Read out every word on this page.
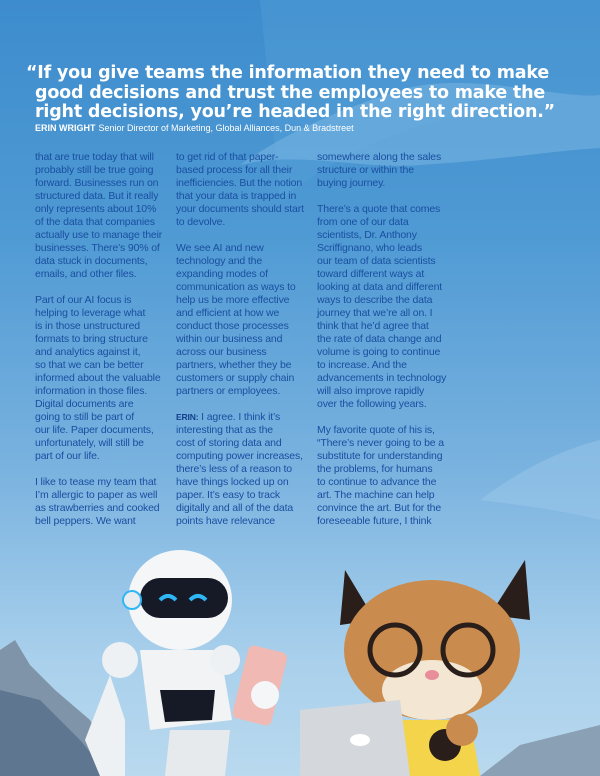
“If you give teams the information they need to make
good decisions and trust the employees to make the
right decisions, you’re headed in the right direction.”
ERIN WRIGHT Senior Director of Marketing, Global Alliances, Dun & Bradstreet
that are true today that will
probably still be true going
forward. Businesses run on
structured data. But it really
only represents about 10%
of the data that companies
actually use to manage their
businesses. There’s 90% of
data stuck in documents,
emails, and other files.
Part of our AI focus is
helping to leverage what
is in those unstructured
formats to bring structure
and analytics against it,
so that we can be better
informed about the valuable
information in those files.
Digital documents are
going to still be part of
our life. Paper documents,
unfortunately, will still be
part of our life.
I like to tease my team that
I’m allergic to paper as well
as strawberries and cooked
bell peppers. We want
to get rid of that paper-
based process for all their
inefficiencies. But the notion
that your data is trapped in
your documents should start
to devolve.
We see AI and new
technology and the
expanding modes of
communication as ways to
help us be more effective
and efficient at how we
conduct those processes
within our business and
across our business
partners, whether they be
customers or supply chain
partners or employees.
ERIN: I agree. I think it’s
interesting that as the
cost of storing data and
computing power increases,
there’s less of a reason to
have things locked up on
paper. It’s easy to track
digitally and all of the data
points have relevance
somewhere along the sales
structure or within the
buying journey.
There’s a quote that comes
from one of our data
scientists, Dr. Anthony
Scriffignano, who leads
our team of data scientists
toward different ways at
looking at data and different
ways to describe the data
journey that we’re all on. I
think that he’d agree that
the rate of data change and
volume is going to continue
to increase. And the
advancements in technology
will also improve rapidly
over the following years.
My favorite quote of his is,
“There’s never going to be a
substitute for understanding
the problems, for humans
to continue to advance the
art. The machine can help
convince the art. But for the
foreseeable future, I think
